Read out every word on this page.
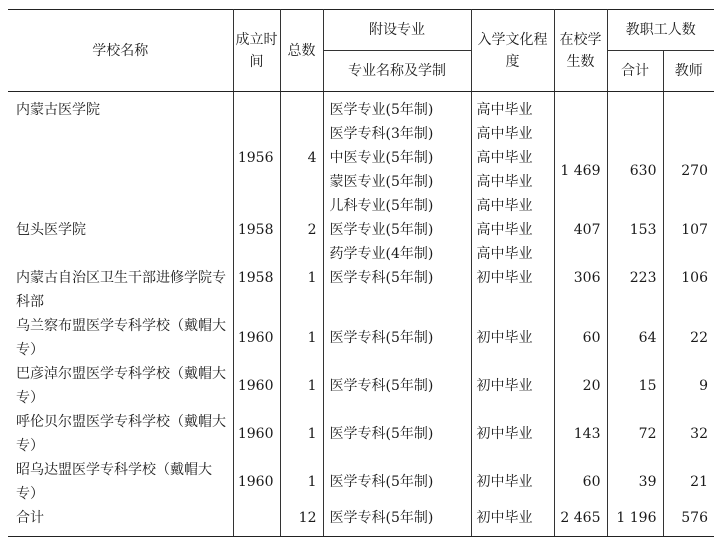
学校名称	成立时间	总数	附设专业	入学文化程度	在校学生数	教职工人数	
			专业名称及学制			合计	教师
内蒙古医学院	1956	4	医学专业(5年制)	高中毕业	1 469	630	270
			医学专科(3年制)	高中毕业			
			中医专业(5年制)	高中毕业			
			蒙医专业(5年制)	高中毕业			
			儿科专业(5年制)	高中毕业			
包头医学院	1958	2	医学专业(5年制)	高中毕业	407	153	107
			药学专业(4年制)	高中毕业			
内蒙古自治区卫生干部进修学院专科部	1958	1	医学专科(5年制)	初中毕业	306	223	106
乌兰察布盟医学专科学校（戴帽大专）	1960	1	医学专科(5年制)	初中毕业	60	64	22
巴彦淖尔盟医学专科学校（戴帽大专）	1960	1	医学专科(5年制)	初中毕业	20	15	9
呼伦贝尔盟医学专科学校（戴帽大专）	1960	1	医学专科(5年制)	初中毕业	143	72	32
昭乌达盟医学专科学校（戴帽大专）	1960	1	医学专科(5年制)	初中毕业	60	39	21
合计		12	医学专科(5年制)	初中毕业	2 465	1 196	576
